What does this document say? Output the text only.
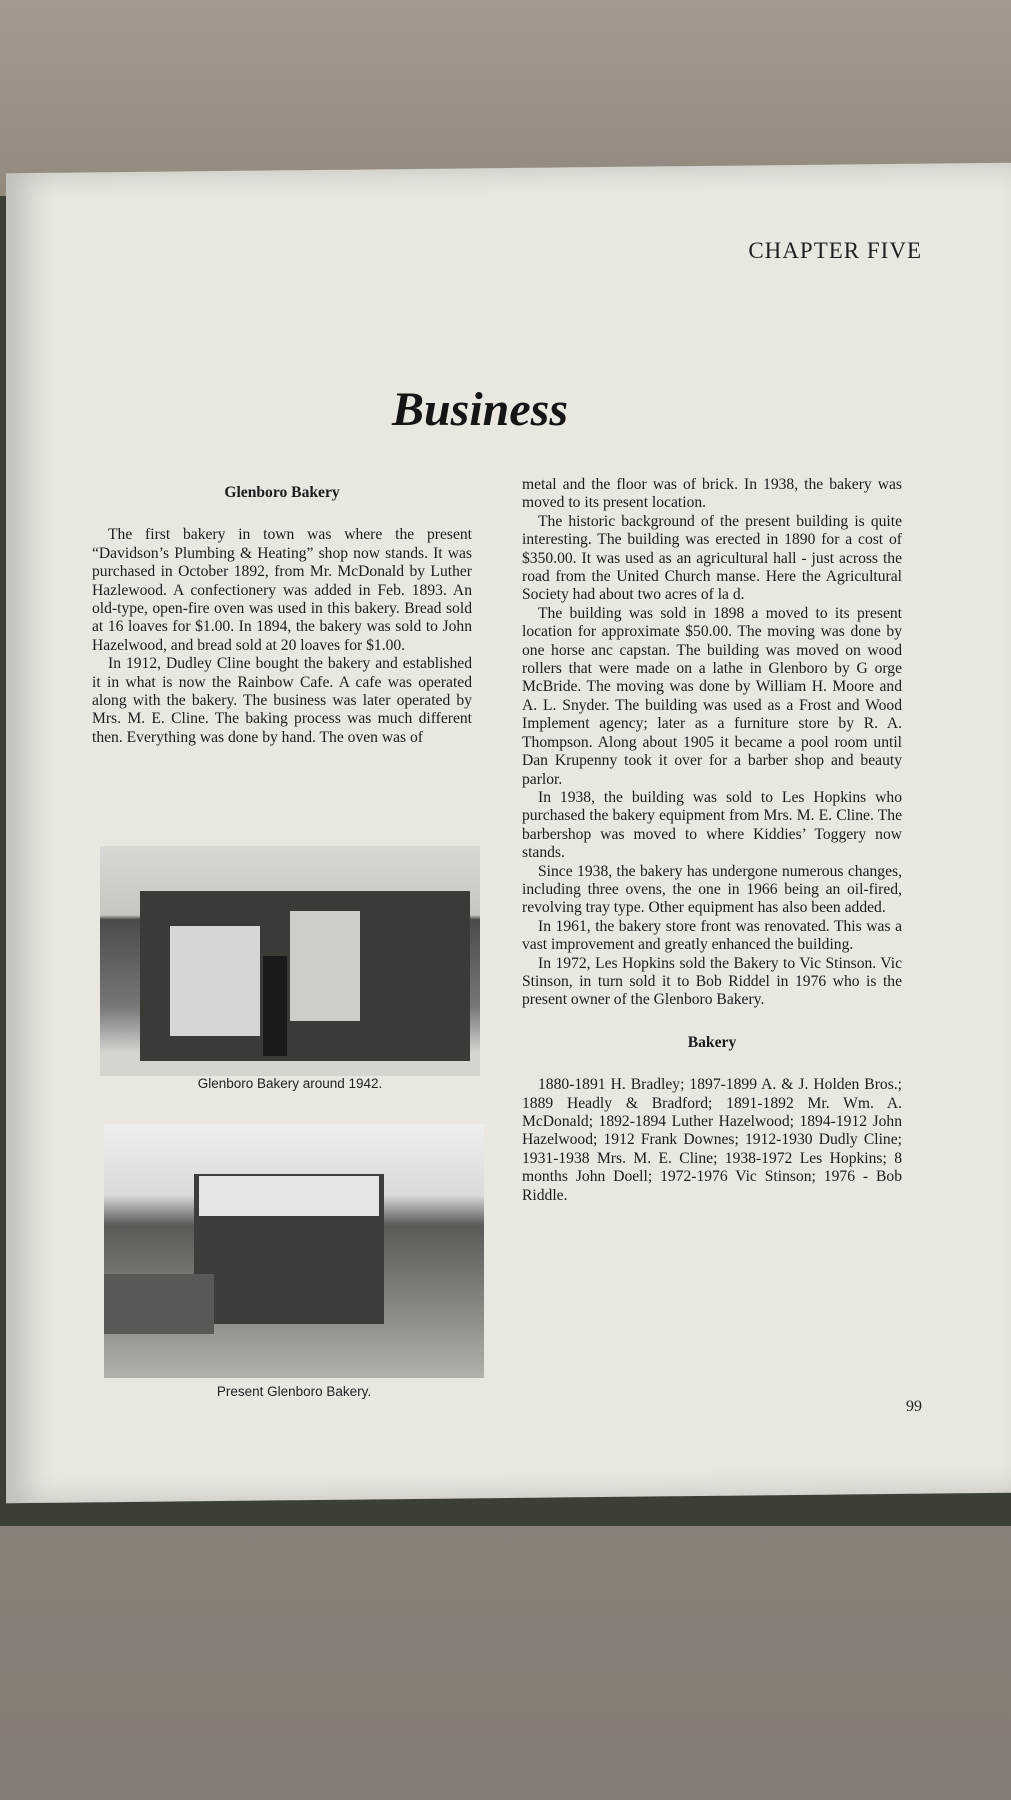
CHAPTER FIVE
Business

Glenboro Bakery

The first bakery in town was where the present “Davidson’s Plumbing & Heating” shop now stands. It was purchased in October 1892, from Mr. McDonald by Luther Hazlewood. A confectionery was added in Feb. 1893. An old-type, open-fire oven was used in this bakery. Bread sold at 16 loaves for $1.00. In 1894, the bakery was sold to John Hazelwood, and bread sold at 20 loaves for $1.00.

In 1912, Dudley Cline bought the bakery and established it in what is now the Rainbow Cafe. A cafe was operated along with the bakery. The business was later operated by Mrs. M. E. Cline. The baking process was much different then. Everything was done by hand. The oven was of

Glenboro Bakery around 1942.
Present Glenboro Bakery.

metal and the floor was of brick. In 1938, the bakery was moved to its present location.

The historic background of the present building is quite interesting. The building was erected in 1890 for a cost of $350.00. It was used as an agricultural hall - just across the road from the United Church manse. Here the Agricultural Society had about two acres of la d.

The building was sold in 1898 a moved to its present location for approximate $50.00. The moving was done by one horse anc capstan. The building was moved on wood rollers that were made on a lathe in Glenboro by G orge McBride. The moving was done by William H. Moore and A. L. Snyder. The building was used as a Frost and Wood Implement agency; later as a furniture store by R. A. Thompson. Along about 1905 it became a pool room until Dan Krupenny took it over for a barber shop and beauty parlor.

In 1938, the building was sold to Les Hopkins who purchased the bakery equipment from Mrs. M. E. Cline. The barbershop was moved to where Kiddies’ Toggery now stands.

Since 1938, the bakery has undergone numerous changes, including three ovens, the one in 1966 being an oil-fired, revolving tray type. Other equipment has also been added.

In 1961, the bakery store front was renovated. This was a vast improvement and greatly enhanced the building.

In 1972, Les Hopkins sold the Bakery to Vic Stinson. Vic Stinson, in turn sold it to Bob Riddel in 1976 who is the present owner of the Glenboro Bakery.

Bakery

1880-1891 H. Bradley; 1897-1899 A. & J. Holden Bros.; 1889 Headly & Bradford; 1891-1892 Mr. Wm. A. McDonald; 1892-1894 Luther Hazelwood; 1894-1912 John Hazelwood; 1912 Frank Downes; 1912-1930 Dudly Cline; 1931-1938 Mrs. M. E. Cline; 1938-1972 Les Hopkins; 8 months John Doell; 1972-1976 Vic Stinson; 1976 - Bob Riddle.

99
